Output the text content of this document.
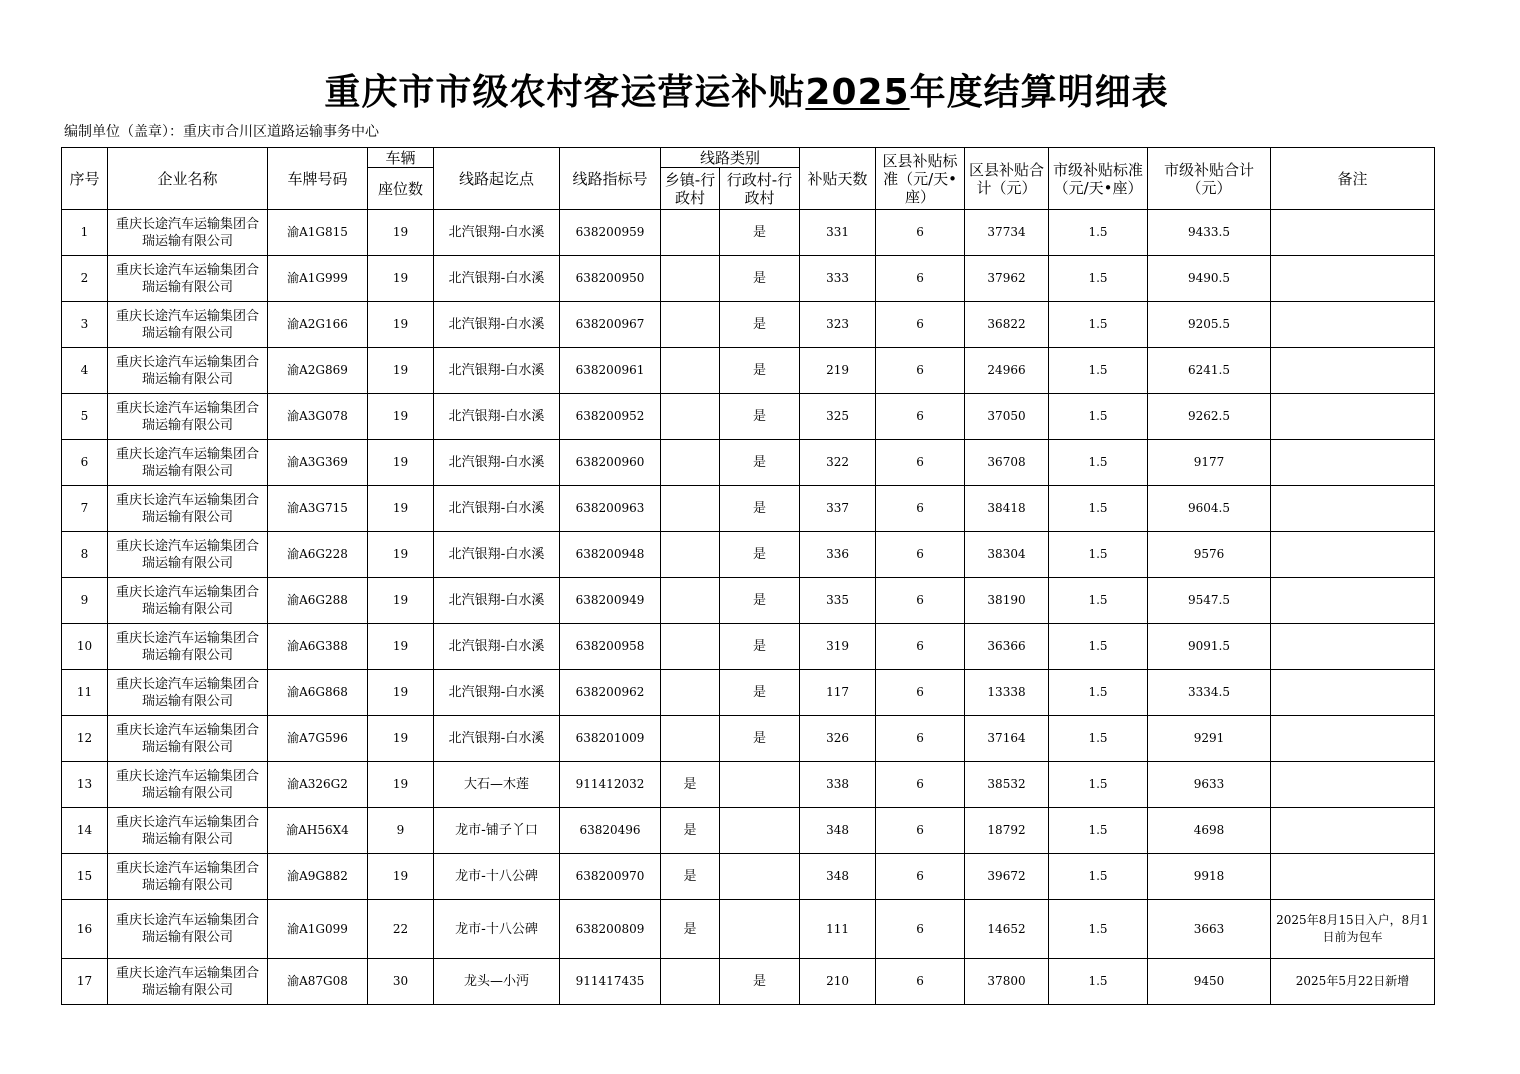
重庆市市级农村客运营运补贴2025年度结算明细表
编制单位（盖章）：重庆市合川区道路运输事务中心
序号	企业名称	车牌号码	车辆	线路起讫点	线路指标号	线路类别		补贴天数	区县补贴标准（元/天•座）	区县补贴合计（元）	市级补贴标准（元/天•座）	市级补贴合计（元）	备注
			座位数			乡镇-行政村	行政村-行政村						
1	重庆长途汽车运输集团合瑞运输有限公司	渝A1G815	19	北汽银翔-白水溪	638200959		是	331	6	37734	1.5	9433.5	
2	重庆长途汽车运输集团合瑞运输有限公司	渝A1G999	19	北汽银翔-白水溪	638200950		是	333	6	37962	1.5	9490.5	
3	重庆长途汽车运输集团合瑞运输有限公司	渝A2G166	19	北汽银翔-白水溪	638200967		是	323	6	36822	1.5	9205.5	
4	重庆长途汽车运输集团合瑞运输有限公司	渝A2G869	19	北汽银翔-白水溪	638200961		是	219	6	24966	1.5	6241.5	
5	重庆长途汽车运输集团合瑞运输有限公司	渝A3G078	19	北汽银翔-白水溪	638200952		是	325	6	37050	1.5	9262.5	
6	重庆长途汽车运输集团合瑞运输有限公司	渝A3G369	19	北汽银翔-白水溪	638200960		是	322	6	36708	1.5	9177	
7	重庆长途汽车运输集团合瑞运输有限公司	渝A3G715	19	北汽银翔-白水溪	638200963		是	337	6	38418	1.5	9604.5	
8	重庆长途汽车运输集团合瑞运输有限公司	渝A6G228	19	北汽银翔-白水溪	638200948		是	336	6	38304	1.5	9576	
9	重庆长途汽车运输集团合瑞运输有限公司	渝A6G288	19	北汽银翔-白水溪	638200949		是	335	6	38190	1.5	9547.5	
10	重庆长途汽车运输集团合瑞运输有限公司	渝A6G388	19	北汽银翔-白水溪	638200958		是	319	6	36366	1.5	9091.5	
11	重庆长途汽车运输集团合瑞运输有限公司	渝A6G868	19	北汽银翔-白水溪	638200962		是	117	6	13338	1.5	3334.5	
12	重庆长途汽车运输集团合瑞运输有限公司	渝A7G596	19	北汽银翔-白水溪	638201009		是	326	6	37164	1.5	9291	
13	重庆长途汽车运输集团合瑞运输有限公司	渝A326G2	19	大石—木莲	911412032	是		338	6	38532	1.5	9633	
14	重庆长途汽车运输集团合瑞运输有限公司	渝AH56X4	9	龙市-铺子丫口	63820496	是		348	6	18792	1.5	4698	
15	重庆长途汽车运输集团合瑞运输有限公司	渝A9G882	19	龙市-十八公碑	638200970	是		348	6	39672	1.5	9918	
16	重庆长途汽车运输集团合瑞运输有限公司	渝A1G099	22	龙市-十八公碑	638200809	是		111	6	14652	1.5	3663	2025年8月15日入户，8月1日前为包车
17	重庆长途汽车运输集团合瑞运输有限公司	渝A87G08	30	龙头—小沔	911417435		是	210	6	37800	1.5	9450	2025年5月22日新增
